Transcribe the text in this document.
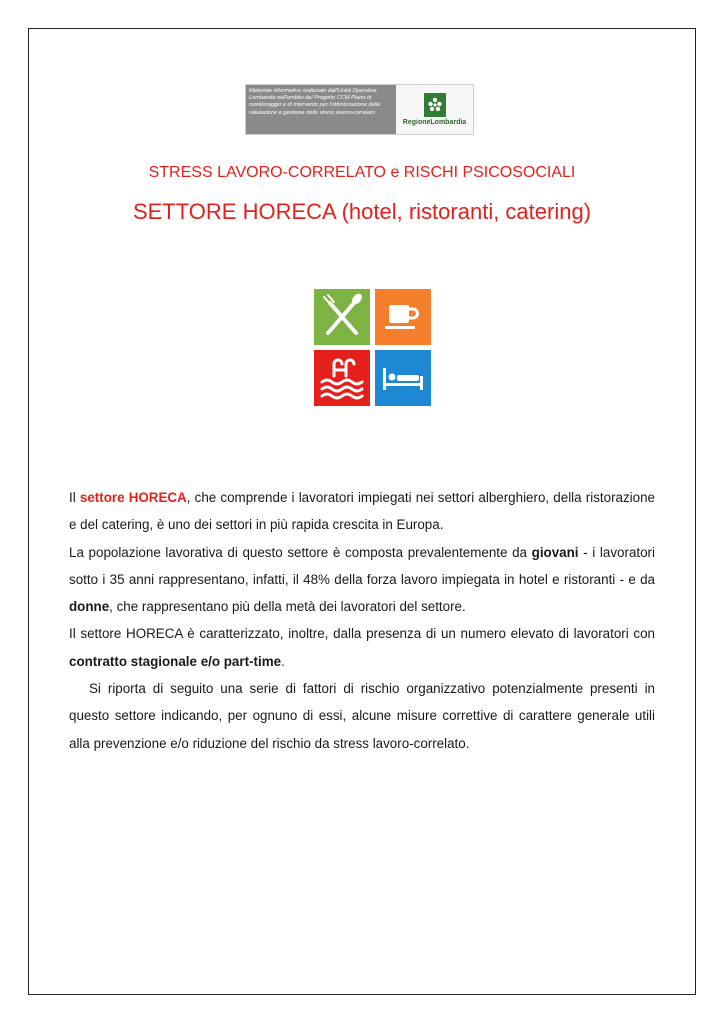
Materiale informativo realizzato dall'Unità Operativa Lombardia nell'ambito del Progetto CCM Piano di monitoraggio e di intervento per l'ottimizzazione della valutazione e gestione dello stress lavoro-correlato
RegioneLombardia
STRESS LAVORO-CORRELATO e RISCHI PSICOSOCIALI
SETTORE HORECA (hotel, ristoranti, catering)

Il settore HORECA, che comprende i lavoratori impiegati nei settori alberghiero, della ristorazione e del catering, è uno dei settori in più rapida crescita in Europa.

La popolazione lavorativa di questo settore è composta prevalentemente da giovani - i lavoratori sotto i 35 anni rappresentano, infatti, il 48% della forza lavoro impiegata in hotel e ristoranti - e da donne, che rappresentano più della metà dei lavoratori del settore.

Il settore HORECA è caratterizzato, inoltre, dalla presenza di un numero elevato di lavoratori con contratto stagionale e/o part-time.

Si riporta di seguito una serie di fattori di rischio organizzativo potenzialmente presenti in questo settore indicando, per ognuno di essi, alcune misure correttive di carattere generale utili alla prevenzione e/o riduzione del rischio da stress lavoro-correlato.
